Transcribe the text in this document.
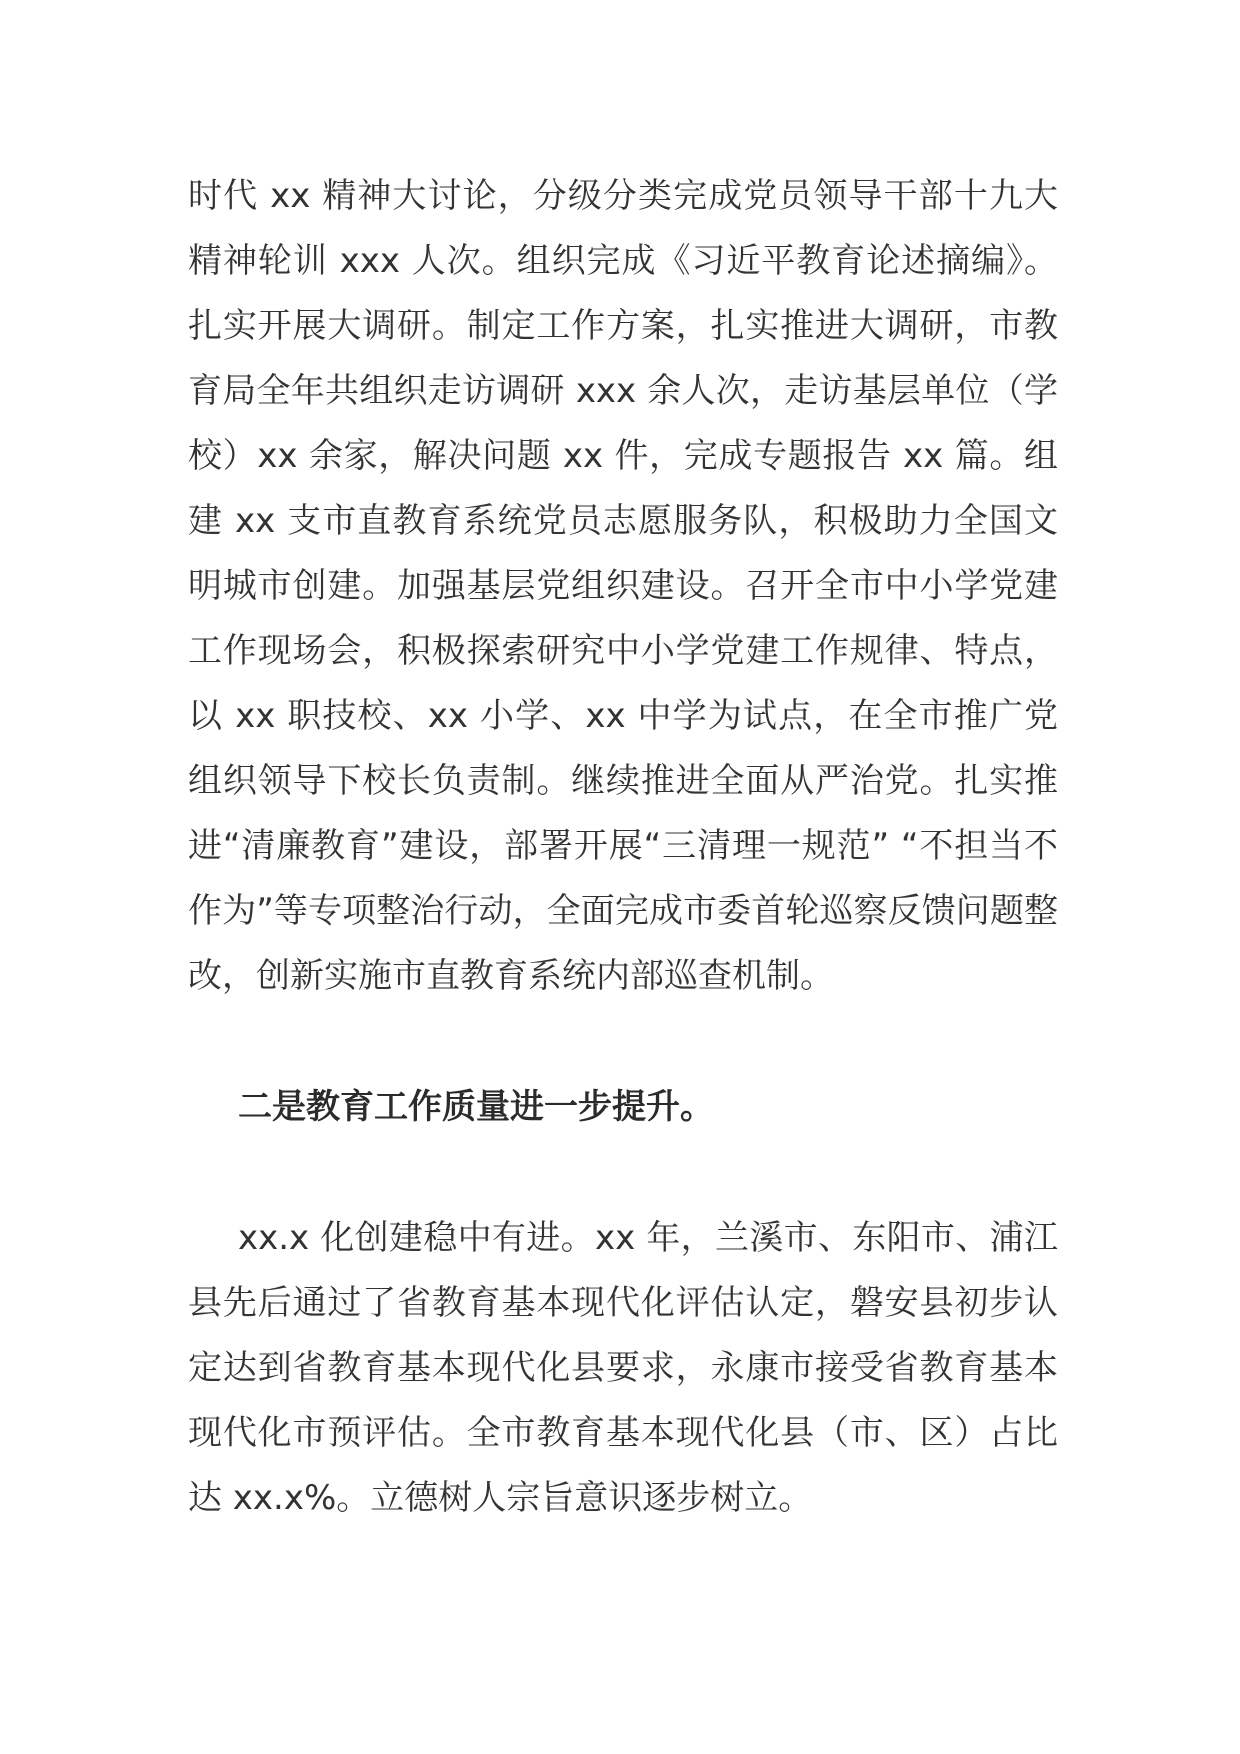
时代 xx 精神大讨论，分级分类完成党员领导干部十九大精神轮训 xxx 人次。组织完成《习近平教育论述摘编》。扎实开展大调研。制定工作方案，扎实推进大调研，市教育局全年共组织走访调研 xxx 余人次，走访基层单位（学校）xx 余家，解决问题 xx 件，完成专题报告 xx 篇。组建 xx 支市直教育系统党员志愿服务队，积极助力全国文明城市创建。加强基层党组织建设。召开全市中小学党建工作现场会，积极探索研究中小学党建工作规律、特点，以 xx 职技校、xx 小学、xx 中学为试点，在全市推广党组织领导下校长负责制。继续推进全面从严治党。扎实推进“清廉教育”建设，部署开展“三清理一规范” “不担当不作为”等专项整治行动，全面完成市委首轮巡察反馈问题整改，创新实施市直教育系统内部巡查机制。

二是教育工作质量进一步提升。

xx.x 化创建稳中有进。xx 年，兰溪市、东阳市、浦江县先后通过了省教育基本现代化评估认定，磐安县初步认定达到省教育基本现代化县要求，永康市接受省教育基本现代化市预评估。全市教育基本现代化县（市、区）占比达 xx.x%。立德树人宗旨意识逐步树立。
